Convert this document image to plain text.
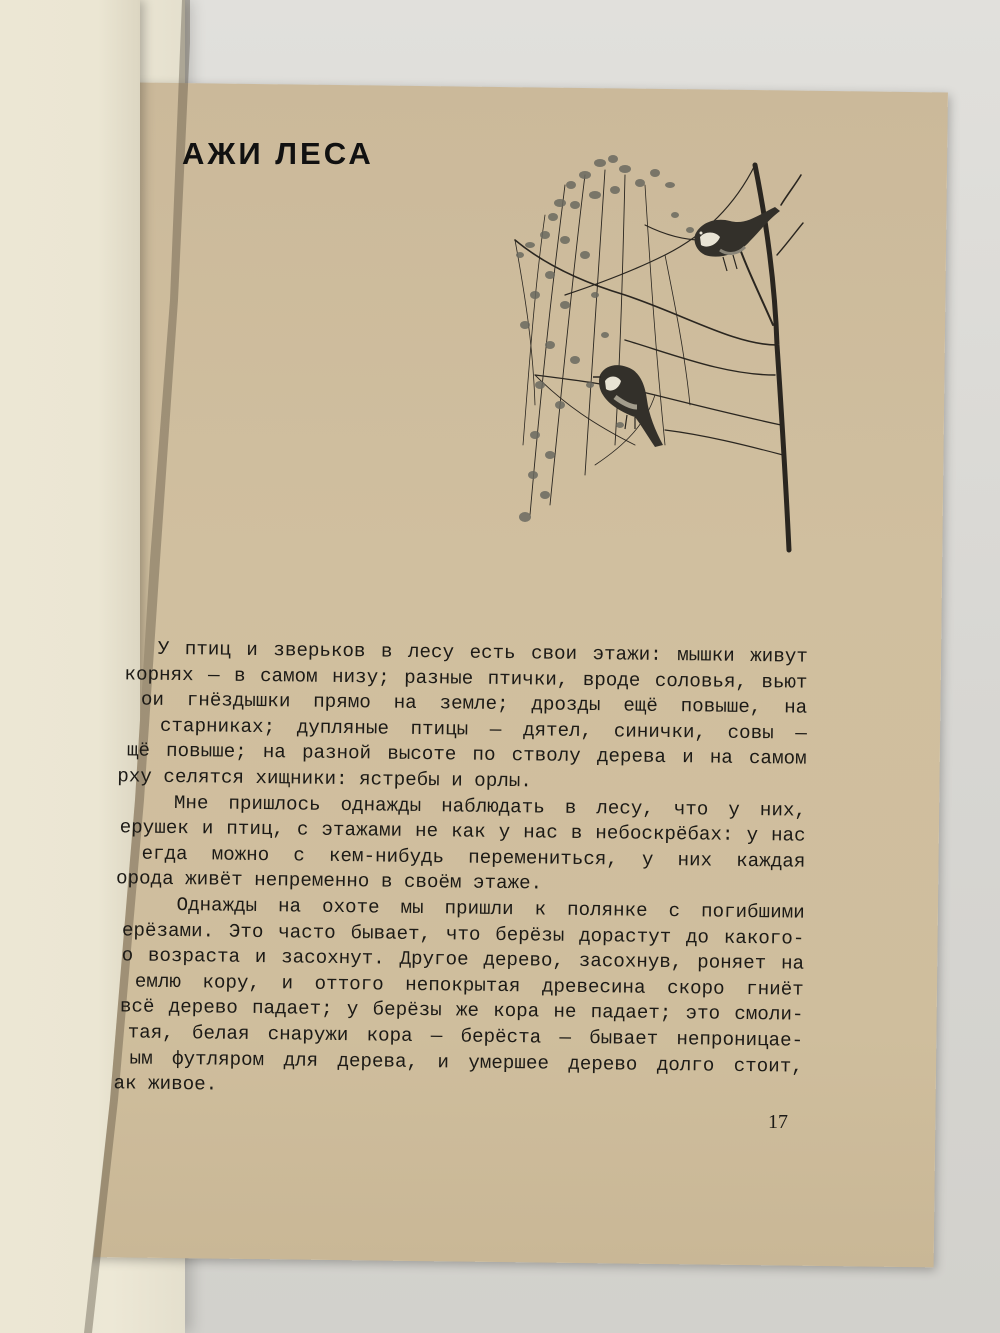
АЖИ ЛЕСА
У птиц и зверьков в лесу есть свои этажи: мышки живут
корнях — в самом низу; разные птички, вроде соловья, вьют
ои гнёздышки прямо на земле; дрозды ещё повыше, на
старниках; дупляные птицы — дятел, синички, совы —
щё повыше; на разной высоте по стволу дерева и на самом
рху селятся хищники: ястребы и орлы.
Мне пришлось однажды наблюдать в лесу, что у них,
ерушек и птиц, с этажами не как у нас в небоскрёбах: у нас
егда можно с кем-нибудь перемениться, у них каждая
орода живёт непременно в своём этаже.
Однажды на охоте мы пришли к полянке с погибшими
ерёзами. Это часто бывает, что берёзы дорастут до какого-
о возраста и засохнут. Другое дерево, засохнув, роняет на
емлю кору, и оттого непокрытая древесина скоро гниёт
всё дерево падает; у берёзы же кора не падает; это смоли-
тая, белая снаружи кора — берёста — бывает непроницае-
ым футляром для дерева, и умершее дерево долго стоит,
ак живое.
17
